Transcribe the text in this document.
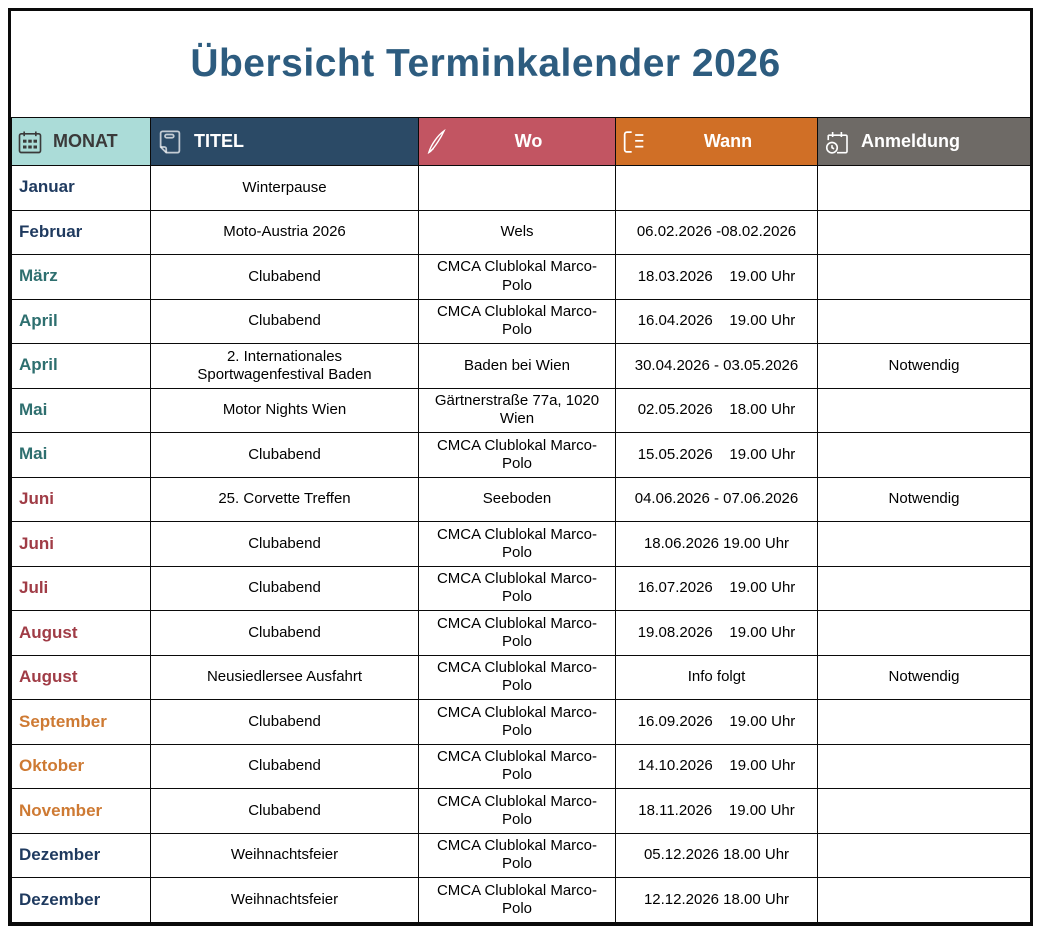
Übersicht Terminkalender 2026
MONAT	TITEL	Wo	Wann	Anmeldung

Januar	Winterpause			
Februar	Moto-Austria 2026	Wels	06.02.2026 -08.02.2026	
März	Clubabend	CMCA Clublokal Marco-Polo	18.03.2026    19.00 Uhr	
April	Clubabend	CMCA Clublokal Marco-Polo	16.04.2026    19.00 Uhr	
April	2. Internationales Sportwagenfestival Baden	Baden bei Wien	30.04.2026 - 03.05.2026	Notwendig
Mai	Motor Nights Wien	Gärtnerstraße 77a, 1020 Wien	02.05.2026    18.00 Uhr	
Mai	Clubabend	CMCA Clublokal Marco-Polo	15.05.2026    19.00 Uhr	
Juni	25. Corvette Treffen	Seeboden	04.06.2026 - 07.06.2026	Notwendig
Juni	Clubabend	CMCA Clublokal Marco-Polo	18.06.2026 19.00 Uhr	
Juli	Clubabend	CMCA Clublokal Marco-Polo	16.07.2026    19.00 Uhr	
August	Clubabend	CMCA Clublokal Marco-Polo	19.08.2026    19.00 Uhr	
August	Neusiedlersee Ausfahrt	CMCA Clublokal Marco-Polo	Info folgt	Notwendig
September	Clubabend	CMCA Clublokal Marco-Polo	16.09.2026    19.00 Uhr	
Oktober	Clubabend	CMCA Clublokal Marco-Polo	14.10.2026    19.00 Uhr	
November	Clubabend	CMCA Clublokal Marco-Polo	18.11.2026    19.00 Uhr	
Dezember	Weihnachtsfeier	CMCA Clublokal Marco-Polo	05.12.2026 18.00 Uhr	
Dezember	Weihnachtsfeier	CMCA Clublokal Marco-Polo	12.12.2026 18.00 Uhr	
